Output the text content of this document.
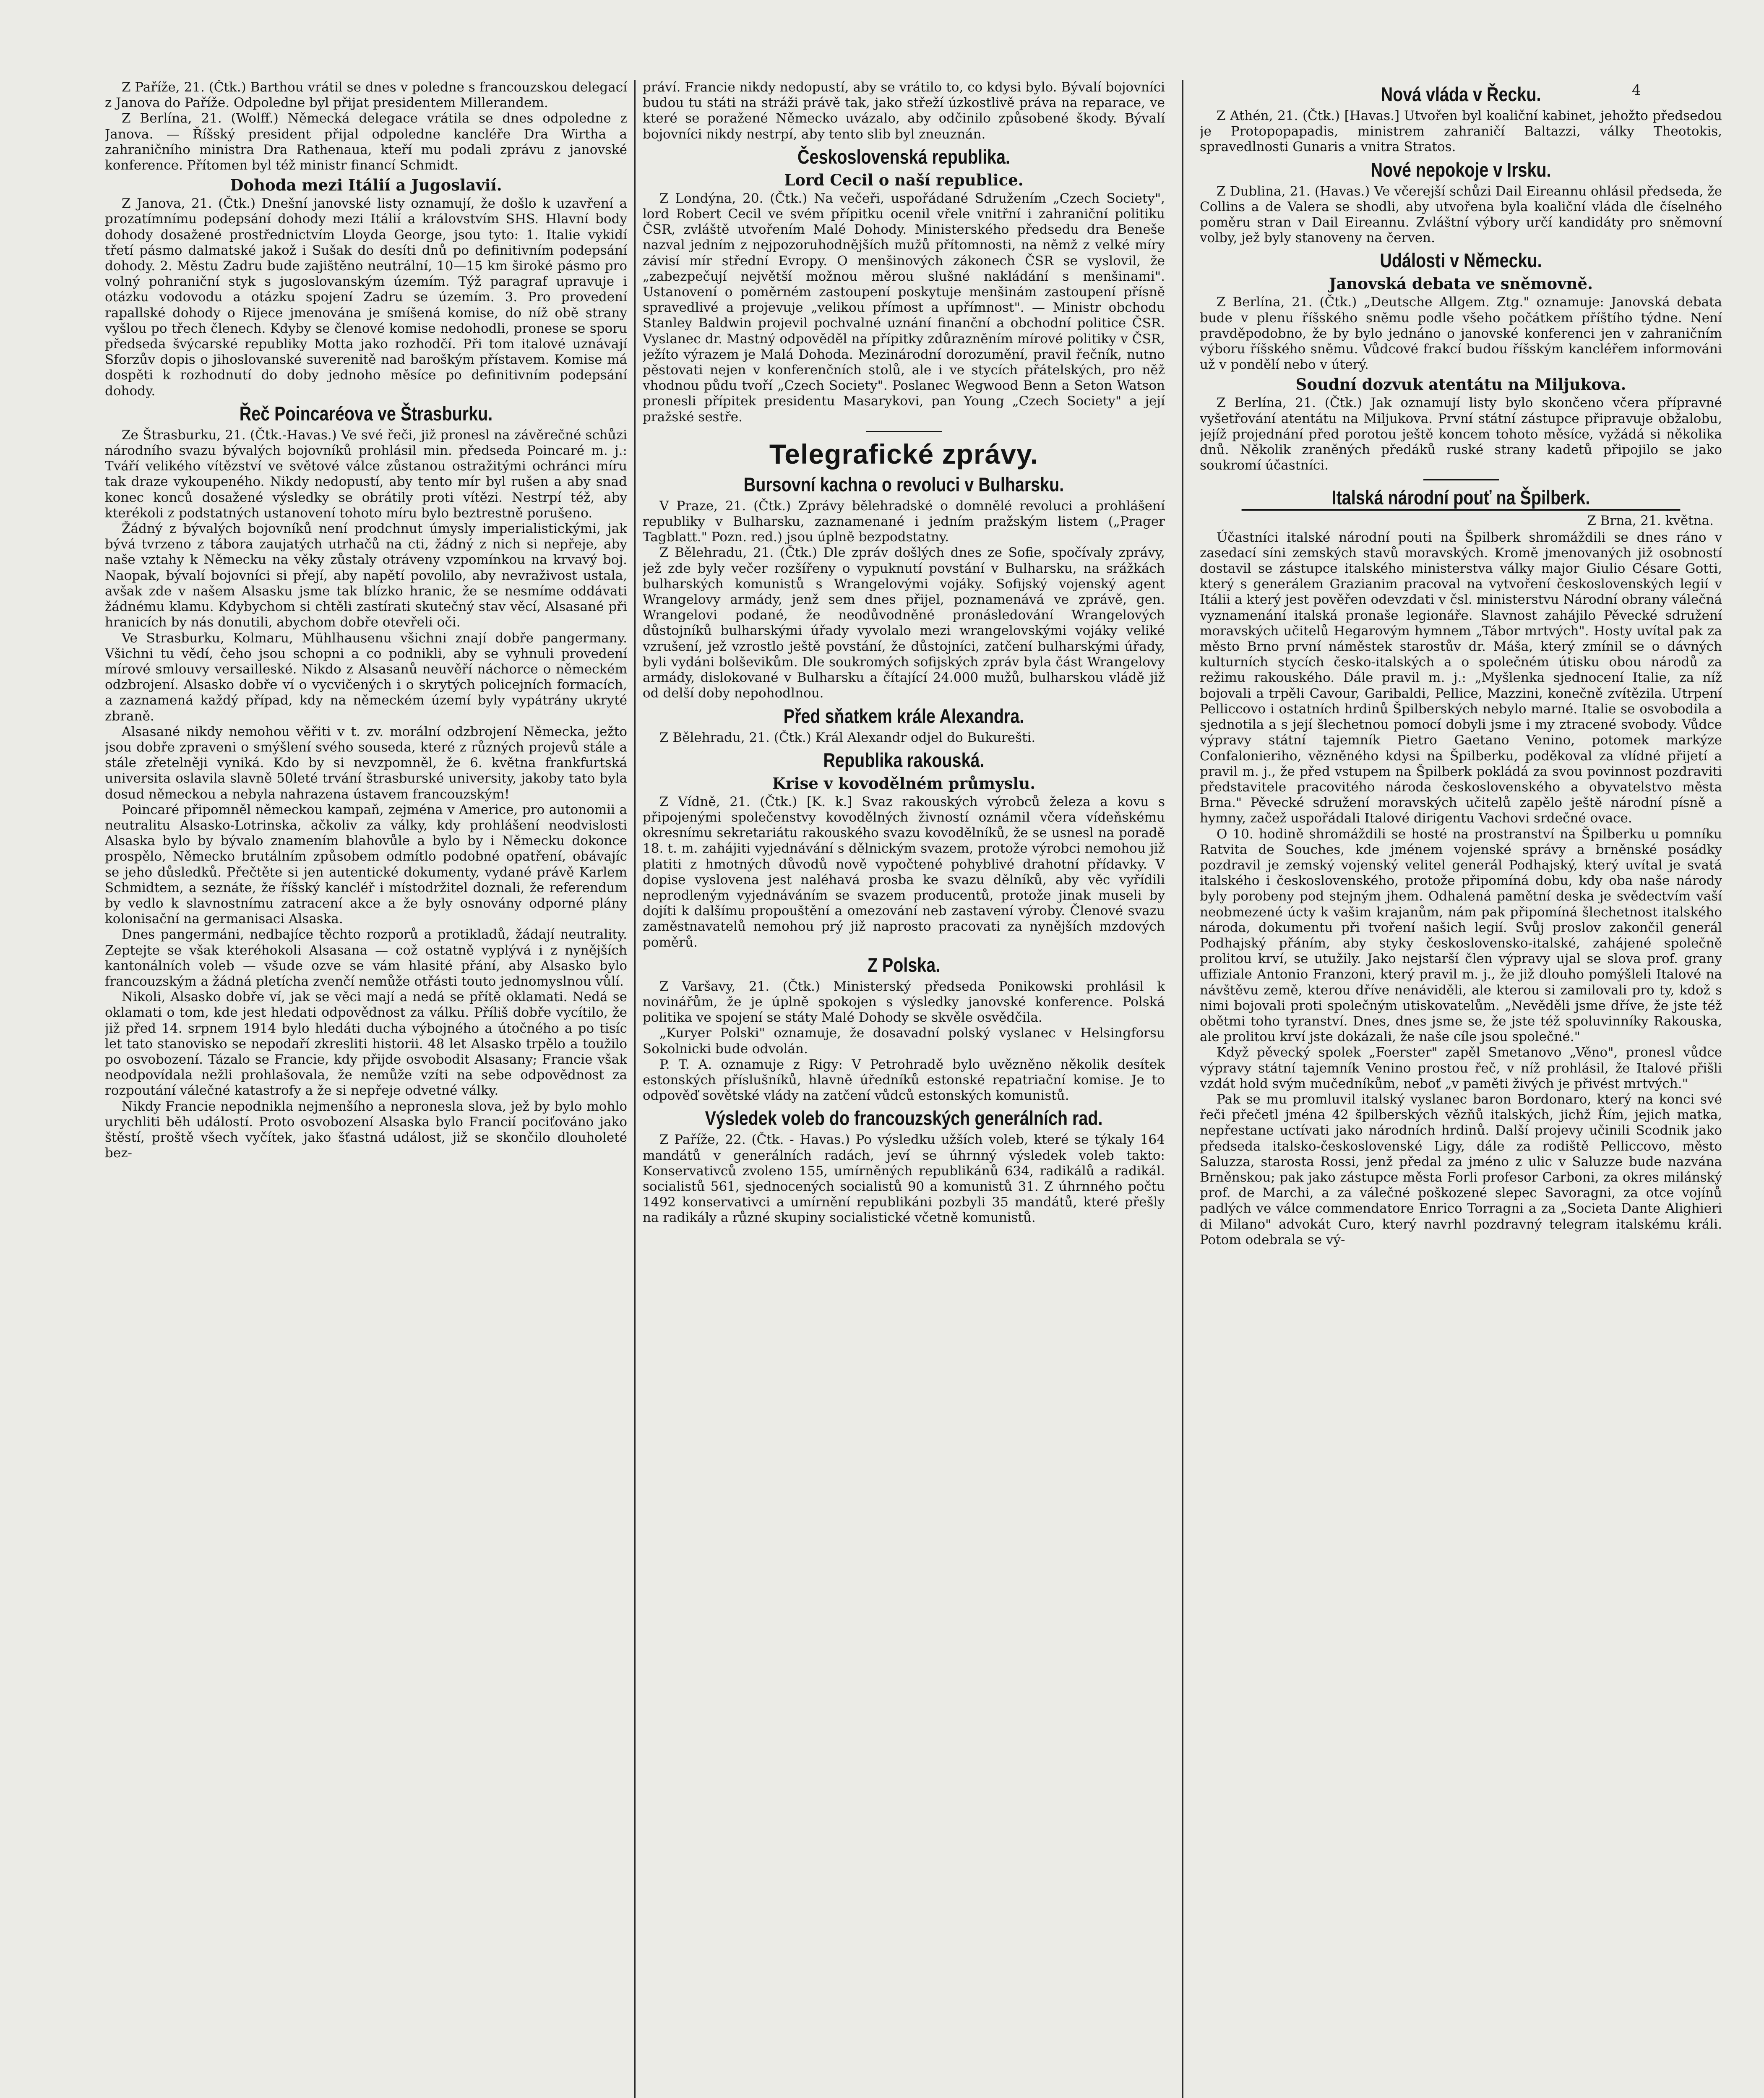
4

Z Paříže, 21. (Čtk.) Barthou vrátil se dnes v poledne s francouzskou delegací z Janova do Paříže. Odpoledne byl přijat presidentem Millerandem.

Z Berlína, 21. (Wolff.) Německá delegace vrátila se dnes odpoledne z Janova. — Říšský president přijal odpoledne kancléře Dra Wirtha a zahraničního ministra Dra Rathenaua, kteří mu podali zprávu z janovské konference. Přítomen byl též ministr financí Schmidt.

Dohoda mezi Itálií a Jugoslavií.

Z Janova, 21. (Čtk.) Dnešní janovské listy oznamují, že došlo k uzavření a prozatímnímu podepsání dohody mezi Itálií a královstvím SHS. Hlavní body dohody dosažené prostřednictvím Lloyda George, jsou tyto: 1. Italie vykidí třetí pásmo dalmatské jakož i Sušak do desíti dnů po definitivním podepsání dohody. 2. Městu Zadru bude zajištěno neutrální, 10—15 km široké pásmo pro volný pohraniční styk s jugoslovanským územím. Týž paragraf upravuje i otázku vodovodu a otázku spojení Zadru se územím. 3. Pro provedení rapallské dohody o Rijece jmenována je smíšená komise, do níž obě strany vyšlou po třech členech. Kdyby se členové komise nedohodli, pronese se sporu předseda švýcarské republiky Motta jako rozhodčí. Při tom italové uznávají Sforzův dopis o jihoslovanské suverenitě nad baroškým přístavem. Komise má dospěti k rozhodnutí do doby jednoho měsíce po definitivním podepsání dohody.

Řeč Poincaréova ve Štrasburku.

Ze Štrasburku, 21. (Čtk.-Havas.) Ve své řeči, již pronesl na závěrečné schůzi národního svazu bývalých bojovníků prohlásil min. předseda Poincaré m. j.: Tváří velikého vítězství ve světové válce zůstanou ostražitými ochránci míru tak draze vykoupeného. Nikdy nedopustí, aby tento mír byl rušen a aby snad konec konců dosažené výsledky se obrátily proti vítězi. Nestrpí též, aby kterékoli z podstatných ustanovení tohoto míru bylo beztrestně porušeno.

Žádný z bývalých bojovníků není prodchnut úmysly imperialistickými, jak bývá tvrzeno z tábora zaujatých utrhačů na cti, žádný z nich si nepřeje, aby naše vztahy k Německu na věky zůstaly otráveny vzpomínkou na krvavý boj. Naopak, bývalí bojovníci si přejí, aby napětí povolilo, aby nevraživost ustala, avšak zde v našem Alsasku jsme tak blízko hranic, že se nesmíme oddávati žádnému klamu. Kdybychom si chtěli zastírati skutečný stav věcí, Alsasané při hranicích by nás donutili, abychom dobře otevřeli oči.

Ve Strasburku, Kolmaru, Mühlhausenu všichni znají dobře pangermany. Všichni tu vědí, čeho jsou schopni a co podnikli, aby se vyhnuli provedení mírové smlouvy versailleské. Nikdo z Alsasanů neuvěří náchorce o německém odzbrojení. Alsasko dobře ví o vycvičených i o skrytých policejních formacích, a zaznamená každý případ, kdy na německém území byly vypátrány ukryté zbraně.

Alsasané nikdy nemohou věřiti v t. zv. morální odzbrojení Německa, ježto jsou dobře zpraveni o smýšlení svého souseda, které z různých projevů stále a stále zřetelněji vyniká. Kdo by si nevzpomněl, že 6. května frankfurtská universita oslavila slavně 50leté trvání štrasburské university, jakoby tato byla dosud německou a nebyla nahrazena ústavem francouzským!

Poincaré připomněl německou kampaň, zejména v Americe, pro autonomii a neutralitu Alsasko-Lotrinska, ačkoliv za války, kdy prohlášení neodvislosti Alsaska bylo by bývalo znamením blahovůle a bylo by i Německu dokonce prospělo, Německo brutálním způsobem odmítlo podobné opatření, obávajíc se jeho důsledků. Přečtěte si jen autentické dokumenty, vydané právě Karlem Schmidtem, a seznáte, že říšský kancléř i místodržitel doznali, že referendum by vedlo k slavnostnímu zatracení akce a že byly osnovány odporné plány kolonisační na germanisaci Alsaska.

Dnes pangermáni, nedbajíce těchto rozporů a protikladů, žádají neutrality. Zeptejte se však kteréhokoli Alsasana — což ostatně vyplývá i z nynějších kantonálních voleb — všude ozve se vám hlasité přání, aby Alsasko bylo francouzským a žádná pletícha zvenčí nemůže otřásti touto jednomyslnou vůlí.

Nikoli, Alsasko dobře ví, jak se věci mají a nedá se přítě oklamati. Nedá se oklamati o tom, kde jest hledati odpovědnost za válku. Příliš dobře vycítilo, že již před 14. srpnem 1914 bylo hledáti ducha výbojného a útočného a po tisíc let tato stanovisko se nepodaří zkresliti historii. 48 let Alsasko trpělo a toužilo po osvobození. Tázalo se Francie, kdy přijde osvobodit Alsasany; Francie však neodpovídala nežli prohlašovala, že nemůže vzíti na sebe odpovědnost za rozpoutání válečné katastrofy a že si nepřeje odvetné války.

Nikdy Francie nepodnikla nejmenšího a nepronesla slova, jež by bylo mohlo urychliti běh událostí. Proto osvobození Alsaska bylo Francií pociťováno jako štěstí, proště všech vyčítek, jako šťastná událost, již se skončilo dlouholeté bez-

práví. Francie nikdy nedopustí, aby se vrátilo to, co kdysi bylo. Bývalí bojovníci budou tu státi na stráži právě tak, jako střeží úzkostlivě práva na reparace, ve které se poražené Německo uvázalo, aby odčinilo způsobené škody. Bývalí bojovníci nikdy nestrpí, aby tento slib byl zneuznán.

Československá republika.
Lord Cecil o naší republice.

Z Londýna, 20. (Čtk.) Na večeři, uspořádané Sdružením „Czech Society", lord Robert Cecil ve svém přípitku ocenil vřele vnitřní i zahraniční politiku ČSR, zvláště utvořením Malé Dohody. Ministerského předsedu dra Beneše nazval jedním z nejpozoruhodnějších mužů přítomnosti, na němž z velké míry závisí mír střední Evropy. O menšinových zákonech ČSR se vyslovil, že „zabezpečují největší možnou měrou slušné nakládání s menšinami". Ustanovení o poměrném zastoupení poskytuje menšinám zastoupení přísně spravedlivé a projevuje „velikou přímost a upřímnost". — Ministr obchodu Stanley Baldwin projevil pochvalné uznání finanční a obchodní politice ČSR. Vyslanec dr. Mastný odpověděl na přípitky zdůrazněním mírové politiky v ČSR, ježíto výrazem je Malá Dohoda. Mezinárodní dorozumění, pravil řečník, nutno pěstovati nejen v konferenčních stolů, ale i ve stycích přátelských, pro něž vhodnou půdu tvoří „Czech Society". Poslanec Wegwood Benn a Seton Watson pronesli přípitek presidentu Masarykovi, pan Young „Czech Society" a její pražské sestře.

Telegrafické zprávy.
Bursovní kachna o revoluci v Bulharsku.

V Praze, 21. (Čtk.) Zprávy bělehradské o domnělé revoluci a prohlášení republiky v Bulharsku, zaznamenané i jedním pražským listem („Prager Tagblatt." Pozn. red.) jsou úplně bezpodstatny.

Z Bělehradu, 21. (Čtk.) Dle zpráv došlých dnes ze Sofie, spočívaly zprávy, jež zde byly večer rozšířeny o vypuknutí povstání v Bulharsku, na srážkách bulharských komunistů s Wrangelovými vojáky. Sofijský vojenský agent Wrangelovy armády, jenž sem dnes přijel, poznamenává ve zprávě, gen. Wrangelovi podané, že neodůvodněné pronásledování Wrangelových důstojníků bulharskými úřady vyvolalo mezi wrangelovskými vojáky veliké vzrušení, jež vzrostlo ještě povstání, že důstojníci, zatčení bulharskými úřady, byli vydáni bolševikům. Dle soukromých sofijských zpráv byla část Wrangelovy armády, dislokované v Bulharsku a čítající 24.000 mužů, bulharskou vládě již od delší doby nepohodlnou.

Před sňatkem krále Alexandra.

Z Bělehradu, 21. (Čtk.) Král Alexandr odjel do Bukurešti.

Republika rakouská.
Krise v kovodělném průmyslu.

Z Vídně, 21. (Čtk.) [K. k.] Svaz rakouských výrobců železa a kovu s připojenými společenstvy kovodělných živností oznámil včera vídeňskému okresnímu sekretariátu rakouského svazu kovodělníků, že se usnesl na poradě 18. t. m. zahájiti vyjednávání s dělnickým svazem, protože výrobci nemohou již platiti z hmotných důvodů nově vypočtené pohyblivé drahotní přídavky. V dopise vyslovena jest naléhavá prosba ke svazu dělníků, aby věc vyřídili neprodleným vyjednáváním se svazem producentů, protože jinak museli by dojíti k dalšímu propouštění a omezování neb zastavení výroby. Členové svazu zaměstnavatelů nemohou prý již naprosto pracovati za nynějších mzdových poměrů.

Z Polska.

Z Varšavy, 21. (Čtk.) Ministerský předseda Ponikowski prohlásil k novinářům, že je úplně spokojen s výsledky janovské konference. Polská politika ve spojení se státy Malé Dohody se skvěle osvědčila.

„Kuryer Polski" oznamuje, že dosavadní polský vyslanec v Helsingforsu Sokolnicki bude odvolán.

P. T. A. oznamuje z Rigy: V Petrohradě bylo uvězněno několik desítek estonských příslušníků, hlavně úředníků estonské repatriační komise. Je to odpověď sovětské vlády na zatčení vůdců estonských komunistů.

Výsledek voleb do francouzských generálních rad.

Z Paříže, 22. (Čtk. - Havas.) Po výsledku užších voleb, které se týkaly 164 mandátů v generálních radách, jeví se úhrnný výsledek voleb takto: Konservativců zvoleno 155, umírněných republikánů 634, radikálů a radikál. socialistů 561, sjednocených socialistů 90 a komunistů 31. Z úhrnného počtu 1492 konservativci a umírnění republikáni pozbyli 35 mandátů, které přešly na radikály a různé skupiny socialistické včetně komunistů.

Nová vláda v Řecku.

Z Athén, 21. (Čtk.) [Havas.] Utvořen byl koaliční kabinet, jehožto předsedou je Protopopapadis, ministrem zahraničí Baltazzi, války Theotokis, spravedlnosti Gunaris a vnitra Stratos.

Nové nepokoje v Irsku.

Z Dublina, 21. (Havas.) Ve včerejší schůzi Dail Eireannu ohlásil předseda, že Collins a de Valera se shodli, aby utvořena byla koaliční vláda dle číselného poměru stran v Dail Eireannu. Zvláštní výbory určí kandidáty pro sněmovní volby, jež byly stanoveny na červen.

Události v Německu.
Janovská debata ve sněmovně.

Z Berlína, 21. (Čtk.) „Deutsche Allgem. Ztg." oznamuje: Janovská debata bude v plenu říšského sněmu podle všeho počátkem příštího týdne. Není pravděpodobno, že by bylo jednáno o janovské konferenci jen v zahraničním výboru říšského sněmu. Vůdcové frakcí budou říšským kancléřem informováni už v pondělí nebo v úterý.

Soudní dozvuk atentátu na Miljukova.

Z Berlína, 21. (Čtk.) Jak oznamují listy bylo skončeno včera přípravné vyšetřování atentátu na Miljukova. První státní zástupce připravuje obžalobu, jejíž projednání před porotou ještě koncem tohoto měsíce, vyžádá si několika dnů. Několik zraněných předáků ruské strany kadetů připojilo se jako soukromí účastníci.

Italská národní pouť na Špilberk.
Z Brna, 21. května.

Účastníci italské národní pouti na Špilberk shromáždili se dnes ráno v zasedací síni zemských stavů moravských. Kromě jmenovaných již osobností dostavil se zástupce italského ministerstva války major Giulio Césare Gotti, který s generálem Grazianim pracoval na vytvoření československých legií v Itálii a který jest pověřen odevzdati v čsl. ministerstvu Národní obrany válečná vyznamenání italská pronaše legionáře. Slavnost zahájilo Pěvecké sdružení moravských učitelů Hegarovým hymnem „Tábor mrtvých". Hosty uvítal pak za město Brno první náměstek starostův dr. Máša, který zmínil se o dávných kulturních stycích česko-italských a o společném útisku obou národů za režimu rakouského. Dále pravil m. j.: „Myšlenka sjednocení Italie, za níž bojovali a trpěli Cavour, Garibaldi, Pellice, Mazzini, konečně zvítězila. Utrpení Pelliccovo i ostatních hrdinů Špilberských nebylo marné. Italie se osvobodila a sjednotila a s její šlechetnou pomocí dobyli jsme i my ztracené svobody. Vůdce výpravy státní tajemník Pietro Gaetano Venino, potomek markýze Confalonieriho, vězněného kdysi na Špilberku, poděkoval za vlídné přijetí a pravil m. j., že před vstupem na Špilberk pokládá za svou povinnost pozdraviti představitele pracovitého národa československého a obyvatelstvo města Brna." Pěvecké sdružení moravských učitelů zapělo ještě národní písně a hymny, začež uspořádali Italové dirigentu Vachovi srdečné ovace.

O 10. hodině shromáždili se hosté na prostranství na Špilberku u pomníku Ratvita de Souches, kde jménem vojenské správy a brněnské posádky pozdravil je zemský vojenský velitel generál Podhajský, který uvítal je svatá italského i československého, protože připomíná dobu, kdy oba naše národy byly porobeny pod stejným jhem. Odhalená pamětní deska je svědectvím vaší neobmezené úcty k vašim krajanům, nám pak připomíná šlechetnost italského národa, dokumentu při tvoření našich legií. Svůj proslov zakončil generál Podhajský přáním, aby styky československo-italské, zahájené společně prolitou krví, se utužily. Jako nejstarší člen výpravy ujal se slova prof. grany uffiziale Antonio Franzoni, který pravil m. j., že již dlouho pomýšleli Italové na návštěvu země, kterou dříve nenáviděli, ale kterou si zamilovali pro ty, kdož s nimi bojovali proti společným utiskovatelům. „Nevěděli jsme dříve, že jste též obětmi toho tyranství. Dnes, dnes jsme se, že jste též spoluvinníky Rakouska, ale prolitou krví jste dokázali, že naše cíle jsou společné."

Když pěvecký spolek „Foerster" zapěl Smetanovo „Věno", pronesl vůdce výpravy státní tajemník Venino prostou řeč, v níž prohlásil, že Italové přišli vzdát hold svým mučedníkům, neboť „v paměti živých je přivést mrtvých."

Pak se mu promluvil italský vyslanec baron Bordonaro, který na konci své řeči přečetl jména 42 špilberských vězňů italských, jichž Řím, jejich matka, nepřestane uctívati jako národních hrdinů. Další projevy učinili Scodnik jako předseda italsko-československé Ligy, dále za rodiště Pelliccovo, město Saluzza, starosta Rossi, jenž předal za jméno z ulic v Saluzze bude nazvána Brněnskou; pak jako zástupce města Forli profesor Carboni, za okres milánský prof. de Marchi, a za válečné poškozené slepec Savoragni, za otce vojínů padlých ve válce commendatore Enrico Torragni a za „Societa Dante Alighieri di Milano" advokát Curo, který navrhl pozdravný telegram italskému králi. Potom odebrala se vý-
